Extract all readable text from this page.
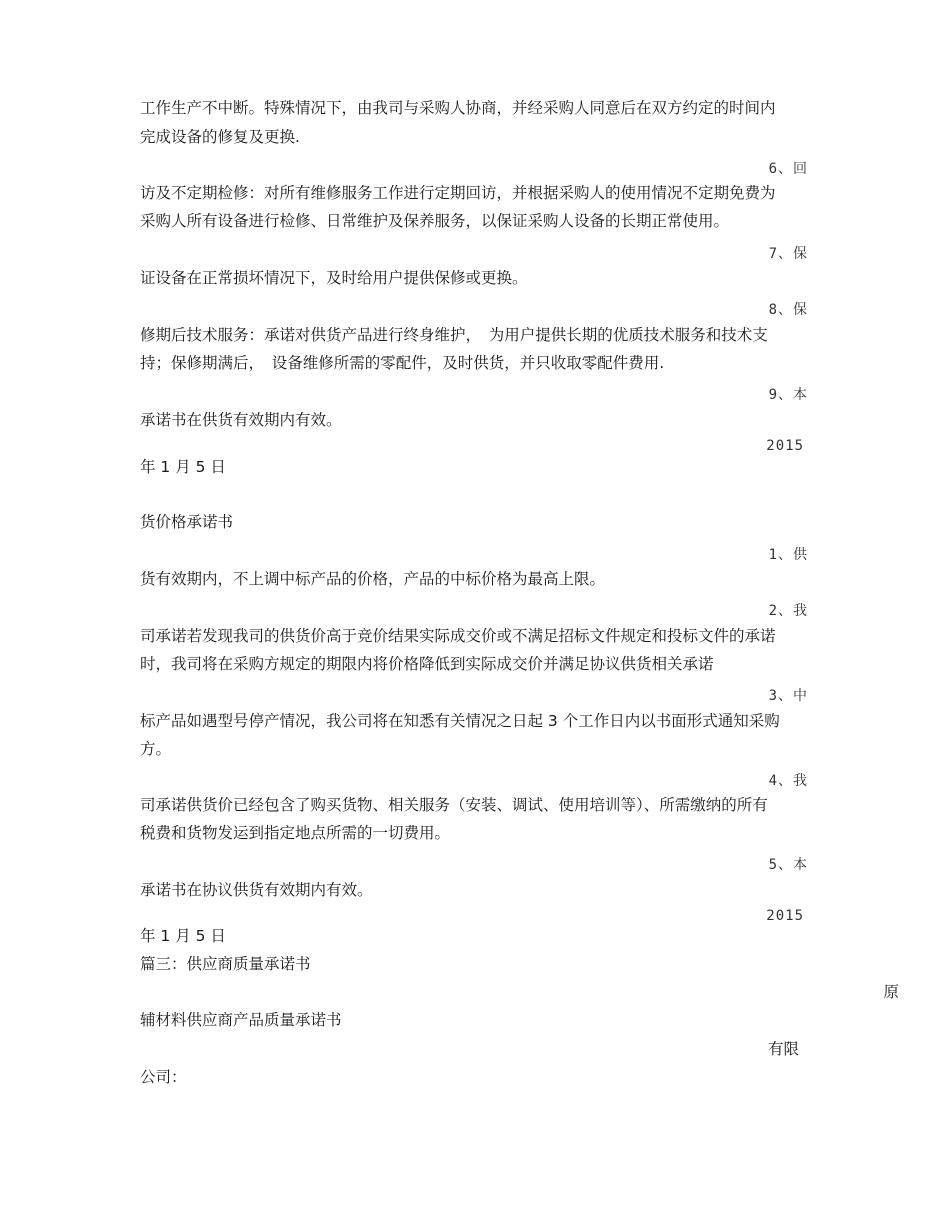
工作生产不中断。特殊情况下，由我司与采购人协商，并经采购人同意后在双方约定的时间内

完成设备的修复及更换.

6、回

访及不定期检修：对所有维修服务工作进行定期回访，并根据采购人的使用情况不定期免费为

采购人所有设备进行检修、日常维护及保养服务，以保证采购人设备的长期正常使用。

7、保

证设备在正常损坏情况下，及时给用户提供保修或更换。

8、保

修期后技术服务：承诺对供货产品进行终身维护，　为用户提供长期的优质技术服务和技术支

持；保修期满后，　设备维修所需的零配件，及时供货，并只收取零配件费用.

9、本

承诺书在供货有效期内有效。

2015

年 1 月 5 日

货价格承诺书

1、供

货有效期内，不上调中标产品的价格，产品的中标价格为最高上限。

2、我

司承诺若发现我司的供货价高于竞价结果实际成交价或不满足招标文件规定和投标文件的承诺

时，我司将在采购方规定的期限内将价格降低到实际成交价并满足协议供货相关承诺

3、中

标产品如遇型号停产情况，我公司将在知悉有关情况之日起 3 个工作日内以书面形式通知采购

方。

4、我

司承诺供货价已经包含了购买货物、相关服务（安装、调试、使用培训等）、所需缴纳的所有

税费和货物发运到指定地点所需的一切费用。

5、本

承诺书在协议供货有效期内有效。

2015

年 1 月 5 日

篇三：供应商质量承诺书

原

辅材料供应商产品质量承诺书

有限

公司：
